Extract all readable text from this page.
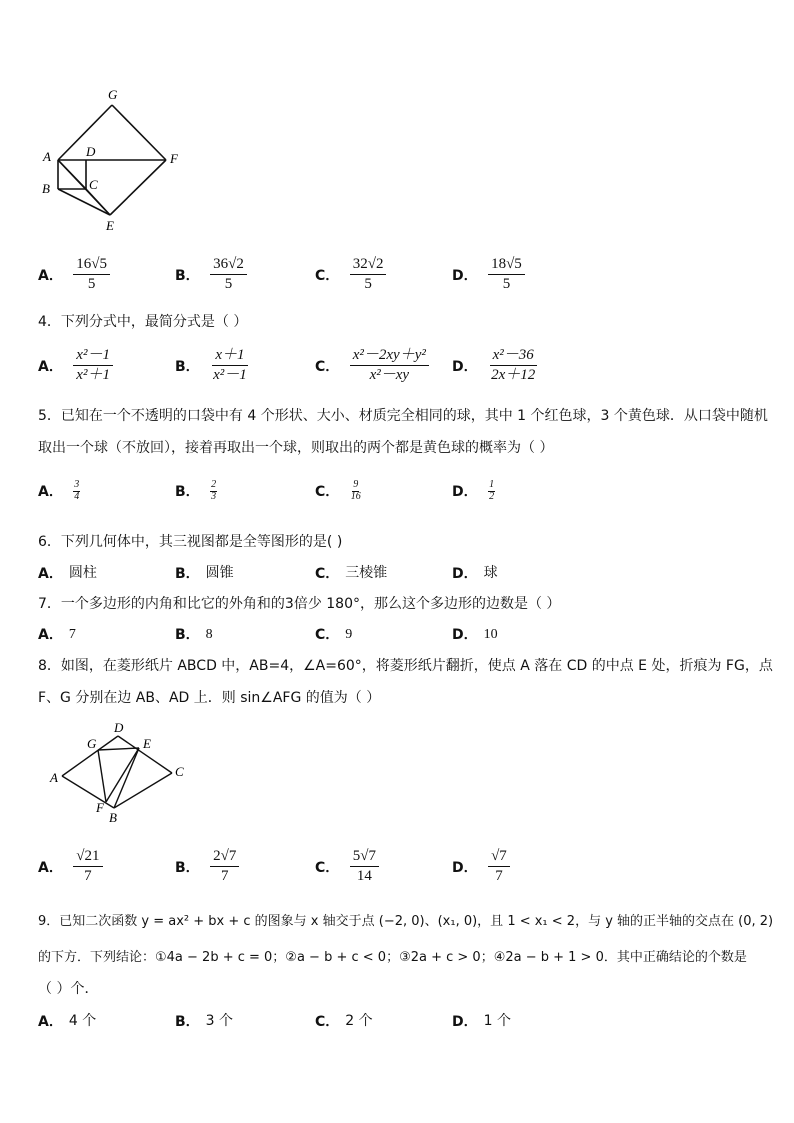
G
A	D	F
B	C
E
A． $\frac{16√5}{5}$	B． $\frac{36√2}{5}$	C． $\frac{32√2}{5}$	D． $\frac{18√5}{5}$
4．下列分式中，最简分式是（ ）
A． $\frac{\text{x²－1}}{\text{x²＋1}}$	B． $\frac{x+1}{\text{x²－1}}$	C． $\frac{\text{x²－2xy＋y²}}{\text{x²－xy}}$ D． $\frac{\text{x²－36}}{2x+12}$
5．已知在一个不透明的口袋中有 4 个形状、大小、材质完全相同的球，其中 1 个红色球，3 个黄色球．从口袋中随机
取出一个球（不放回），接着再取出一个球，则取出的两个都是黄色球的概率为（ ）
A． $\frac{3}{4}$	B． $\frac{2}{3}$	C． $\frac{9}{16}$	D． $\frac{1}{2}$
6．下列几何体中，其三视图都是全等图形的是( )
A． 圆柱	B． 圆锥	C． 三棱锥	D． 球
7．一个多边形的内角和比它的外角和的3倍少 180°，那么这个多边形的边数是（ ）
A． 7	B． 8	C． 9	D． 10
8．如图，在菱形纸片 ABCD 中，AB=4，∠A=60°，将菱形纸片翻折，使点 A 落在 CD 的中点 E 处，折痕为 FG，点
F、G 分别在边 AB、AD 上．则 sin∠AFG 的值为（ ）
D
G	E
A	C
F
B
A． $\frac{√21}{7}$	B． $\frac{2√7}{7}$	C． $\frac{5√7}{14}$	D． $\frac{√7}{7}$
9．已知二次函数 y = ax² + bx + c 的图象与 x 轴交于点 (−2, 0)、(x₁, 0)，且 1 < x₁ < 2，与 y 轴的正半轴的交点在 (0, 2)
的下方．下列结论：①4a − 2b + c = 0；②a − b + c < 0；③2a + c > 0；④2a − b + 1 > 0．其中正确结论的个数是
（ ）个．
A． 4 个	B． 3 个	C． 2 个	D． 1 个
